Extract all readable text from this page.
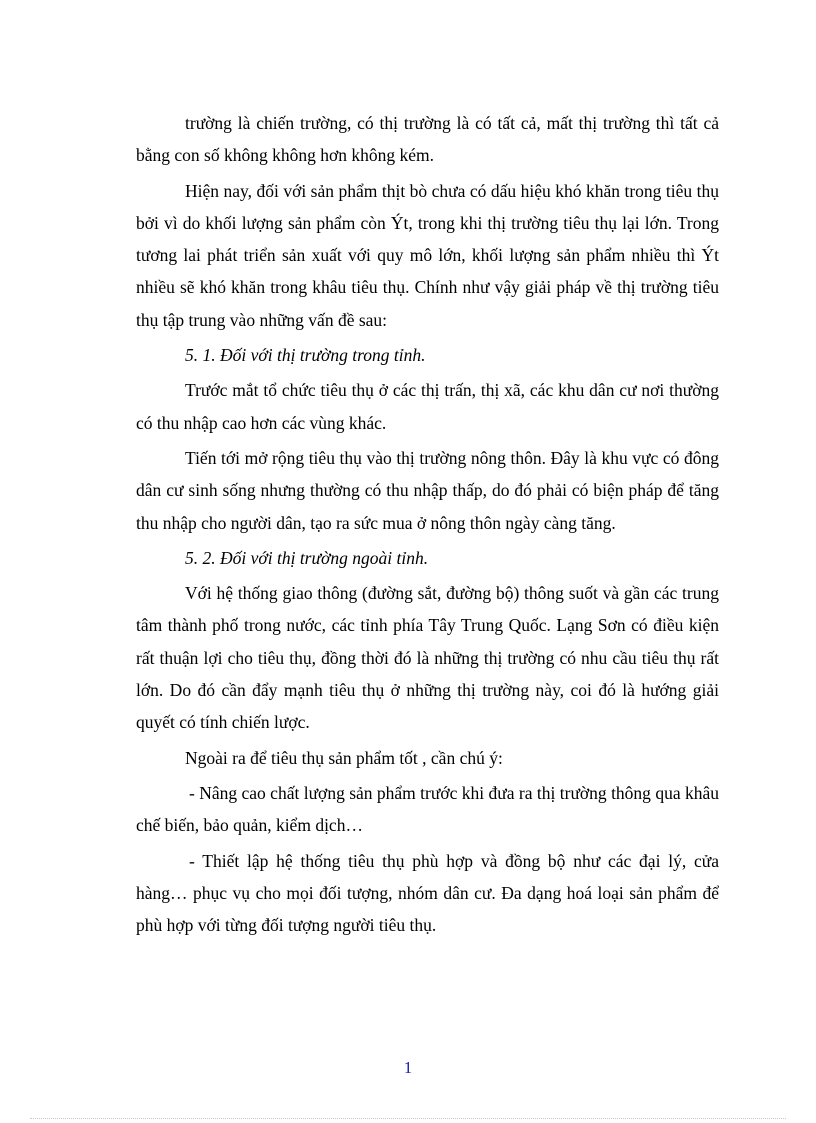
trường là chiến trường, có thị trường là có tất cả, mất thị trường thì tất cả bằng con số không không hơn không kém.

Hiện nay, đối với sản phẩm thịt bò chưa có dấu hiệu khó khăn trong tiêu thụ bởi vì do khối lượng sản phẩm còn Ýt, trong khi thị trường tiêu thụ lại lớn. Trong tương lai phát triển sản xuất với quy mô lớn, khối lượng sản phẩm nhiều thì Ýt nhiều sẽ khó khăn trong khâu tiêu thụ. Chính như vậy giải pháp về thị trường tiêu thụ tập trung vào những vấn đề sau:

5. 1. Đối với thị trường trong tỉnh.

Trước mắt tổ chức tiêu thụ ở các thị trấn, thị xã, các khu dân cư nơi thường có thu nhập cao hơn các vùng khác.

Tiến tới mở rộng tiêu thụ vào thị trường nông thôn. Đây là khu vực có đông dân cư sinh sống nhưng thường có thu nhập thấp, do đó phải có biện pháp để tăng thu nhập cho người dân, tạo ra sức mua ở nông thôn ngày càng tăng.

5. 2. Đối với thị trường ngoài tỉnh.

Với hệ thống giao thông (đường sắt, đường bộ) thông suốt và gần các trung tâm thành phố trong nước, các tỉnh phía Tây Trung Quốc. Lạng Sơn có điều kiện rất thuận lợi cho tiêu thụ, đồng thời đó là những thị trường có nhu cầu tiêu thụ rất lớn. Do đó cần đẩy mạnh tiêu thụ ở những thị trường này, coi đó là hướng giải quyết có tính chiến lược.

Ngoài ra để tiêu thụ sản phẩm tốt , cần chú ý:

- Nâng cao chất lượng sản phẩm trước khi đưa ra thị trường thông qua khâu chế biến, bảo quản, kiểm dịch…

- Thiết lập hệ thống tiêu thụ phù hợp và đồng bộ như các đại lý, cửa hàng… phục vụ cho mọi đối tượng, nhóm dân cư. Đa dạng hoá loại sản phẩm để phù hợp với từng đối tượng người tiêu thụ.

1
